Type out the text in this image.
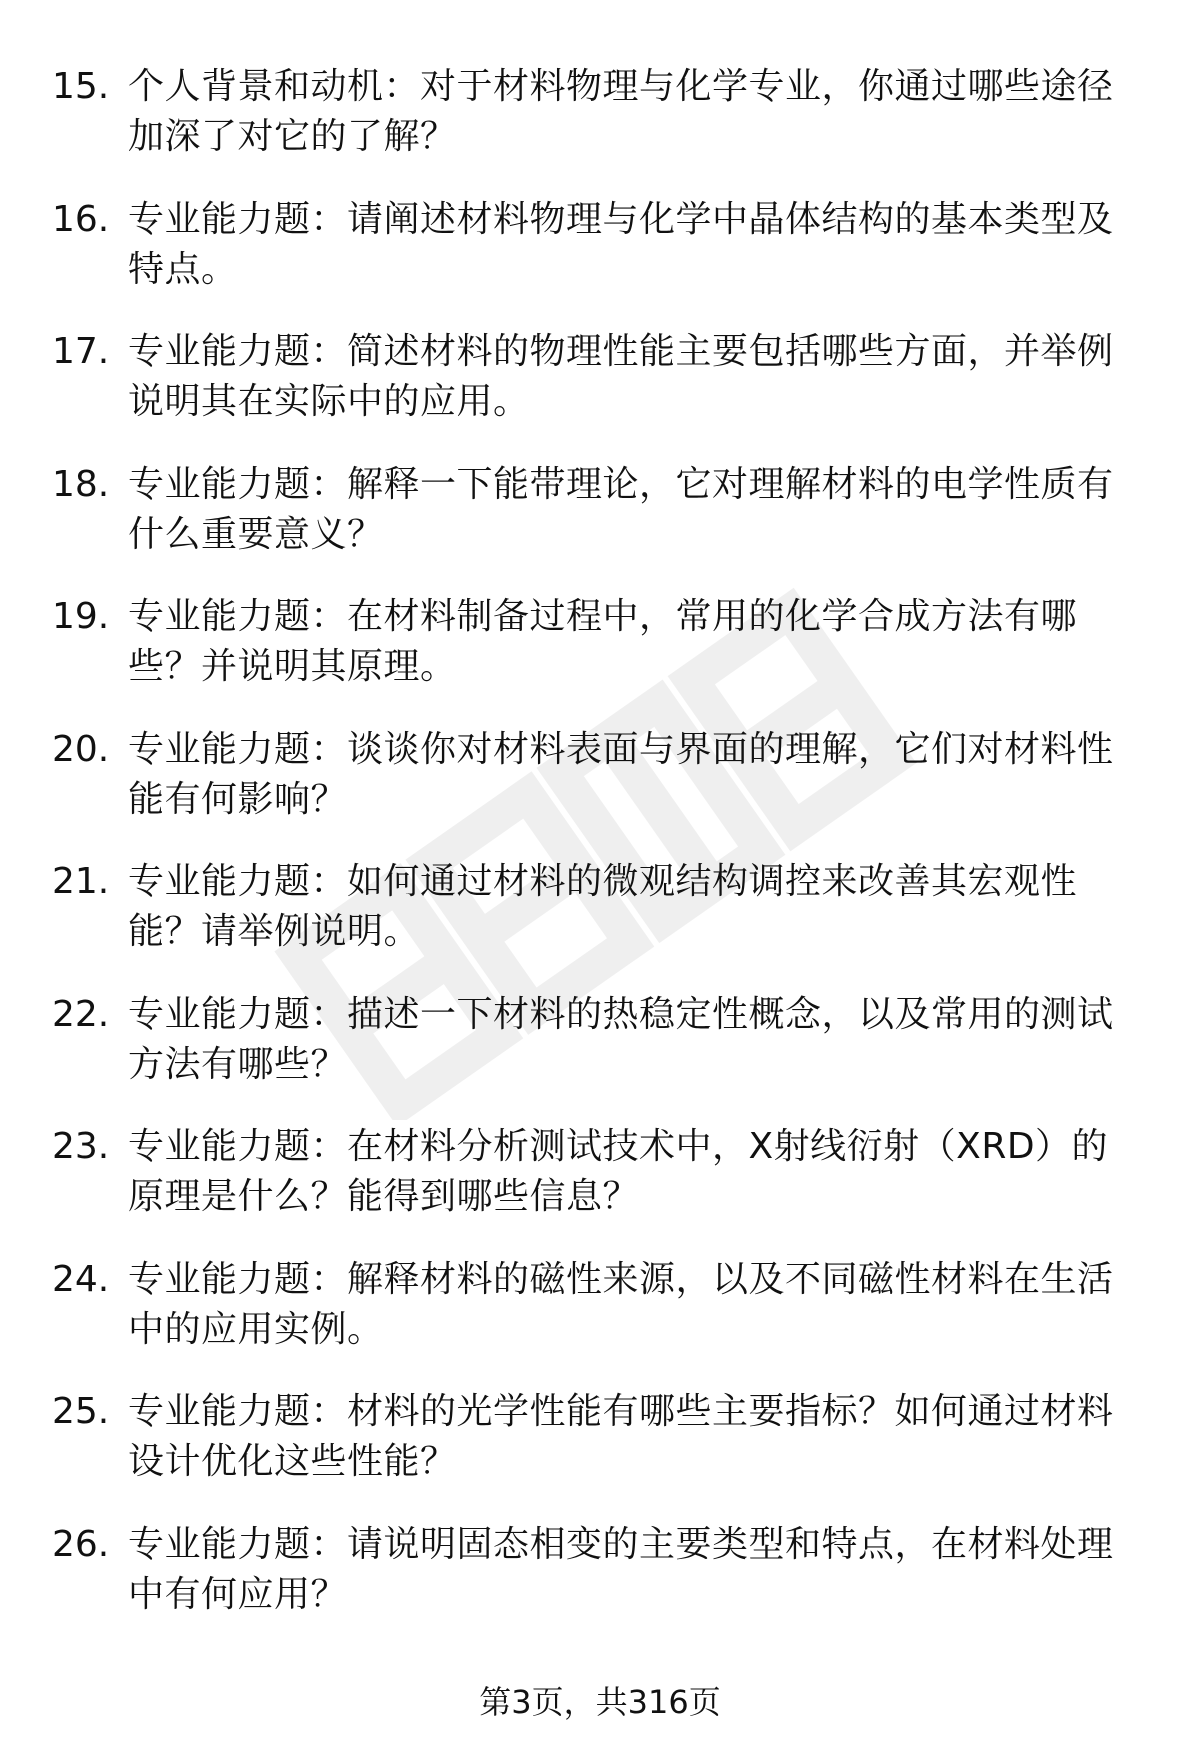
15. 个人背景和动机：对于材料物理与化学专业，你通过哪些途径加深了对它的了解？
16. 专业能力题：请阐述材料物理与化学中晶体结构的基本类型及特点。
17. 专业能力题：简述材料的物理性能主要包括哪些方面，并举例说明其在实际中的应用。
18. 专业能力题：解释一下能带理论，它对理解材料的电学性质有什么重要意义？
19. 专业能力题：在材料制备过程中，常用的化学合成方法有哪些？并说明其原理。
20. 专业能力题：谈谈你对材料表面与界面的理解，它们对材料性能有何影响？
21. 专业能力题：如何通过材料的微观结构调控来改善其宏观性能？请举例说明。
22. 专业能力题：描述一下材料的热稳定性概念，以及常用的测试方法有哪些？
23. 专业能力题：在材料分析测试技术中，X射线衍射（XRD）的原理是什么？能得到哪些信息？
24. 专业能力题：解释材料的磁性来源，以及不同磁性材料在生活中的应用实例。
25. 专业能力题：材料的光学性能有哪些主要指标？如何通过材料设计优化这些性能？
26. 专业能力题：请说明固态相变的主要类型和特点，在材料处理中有何应用？
第3页，共316页
